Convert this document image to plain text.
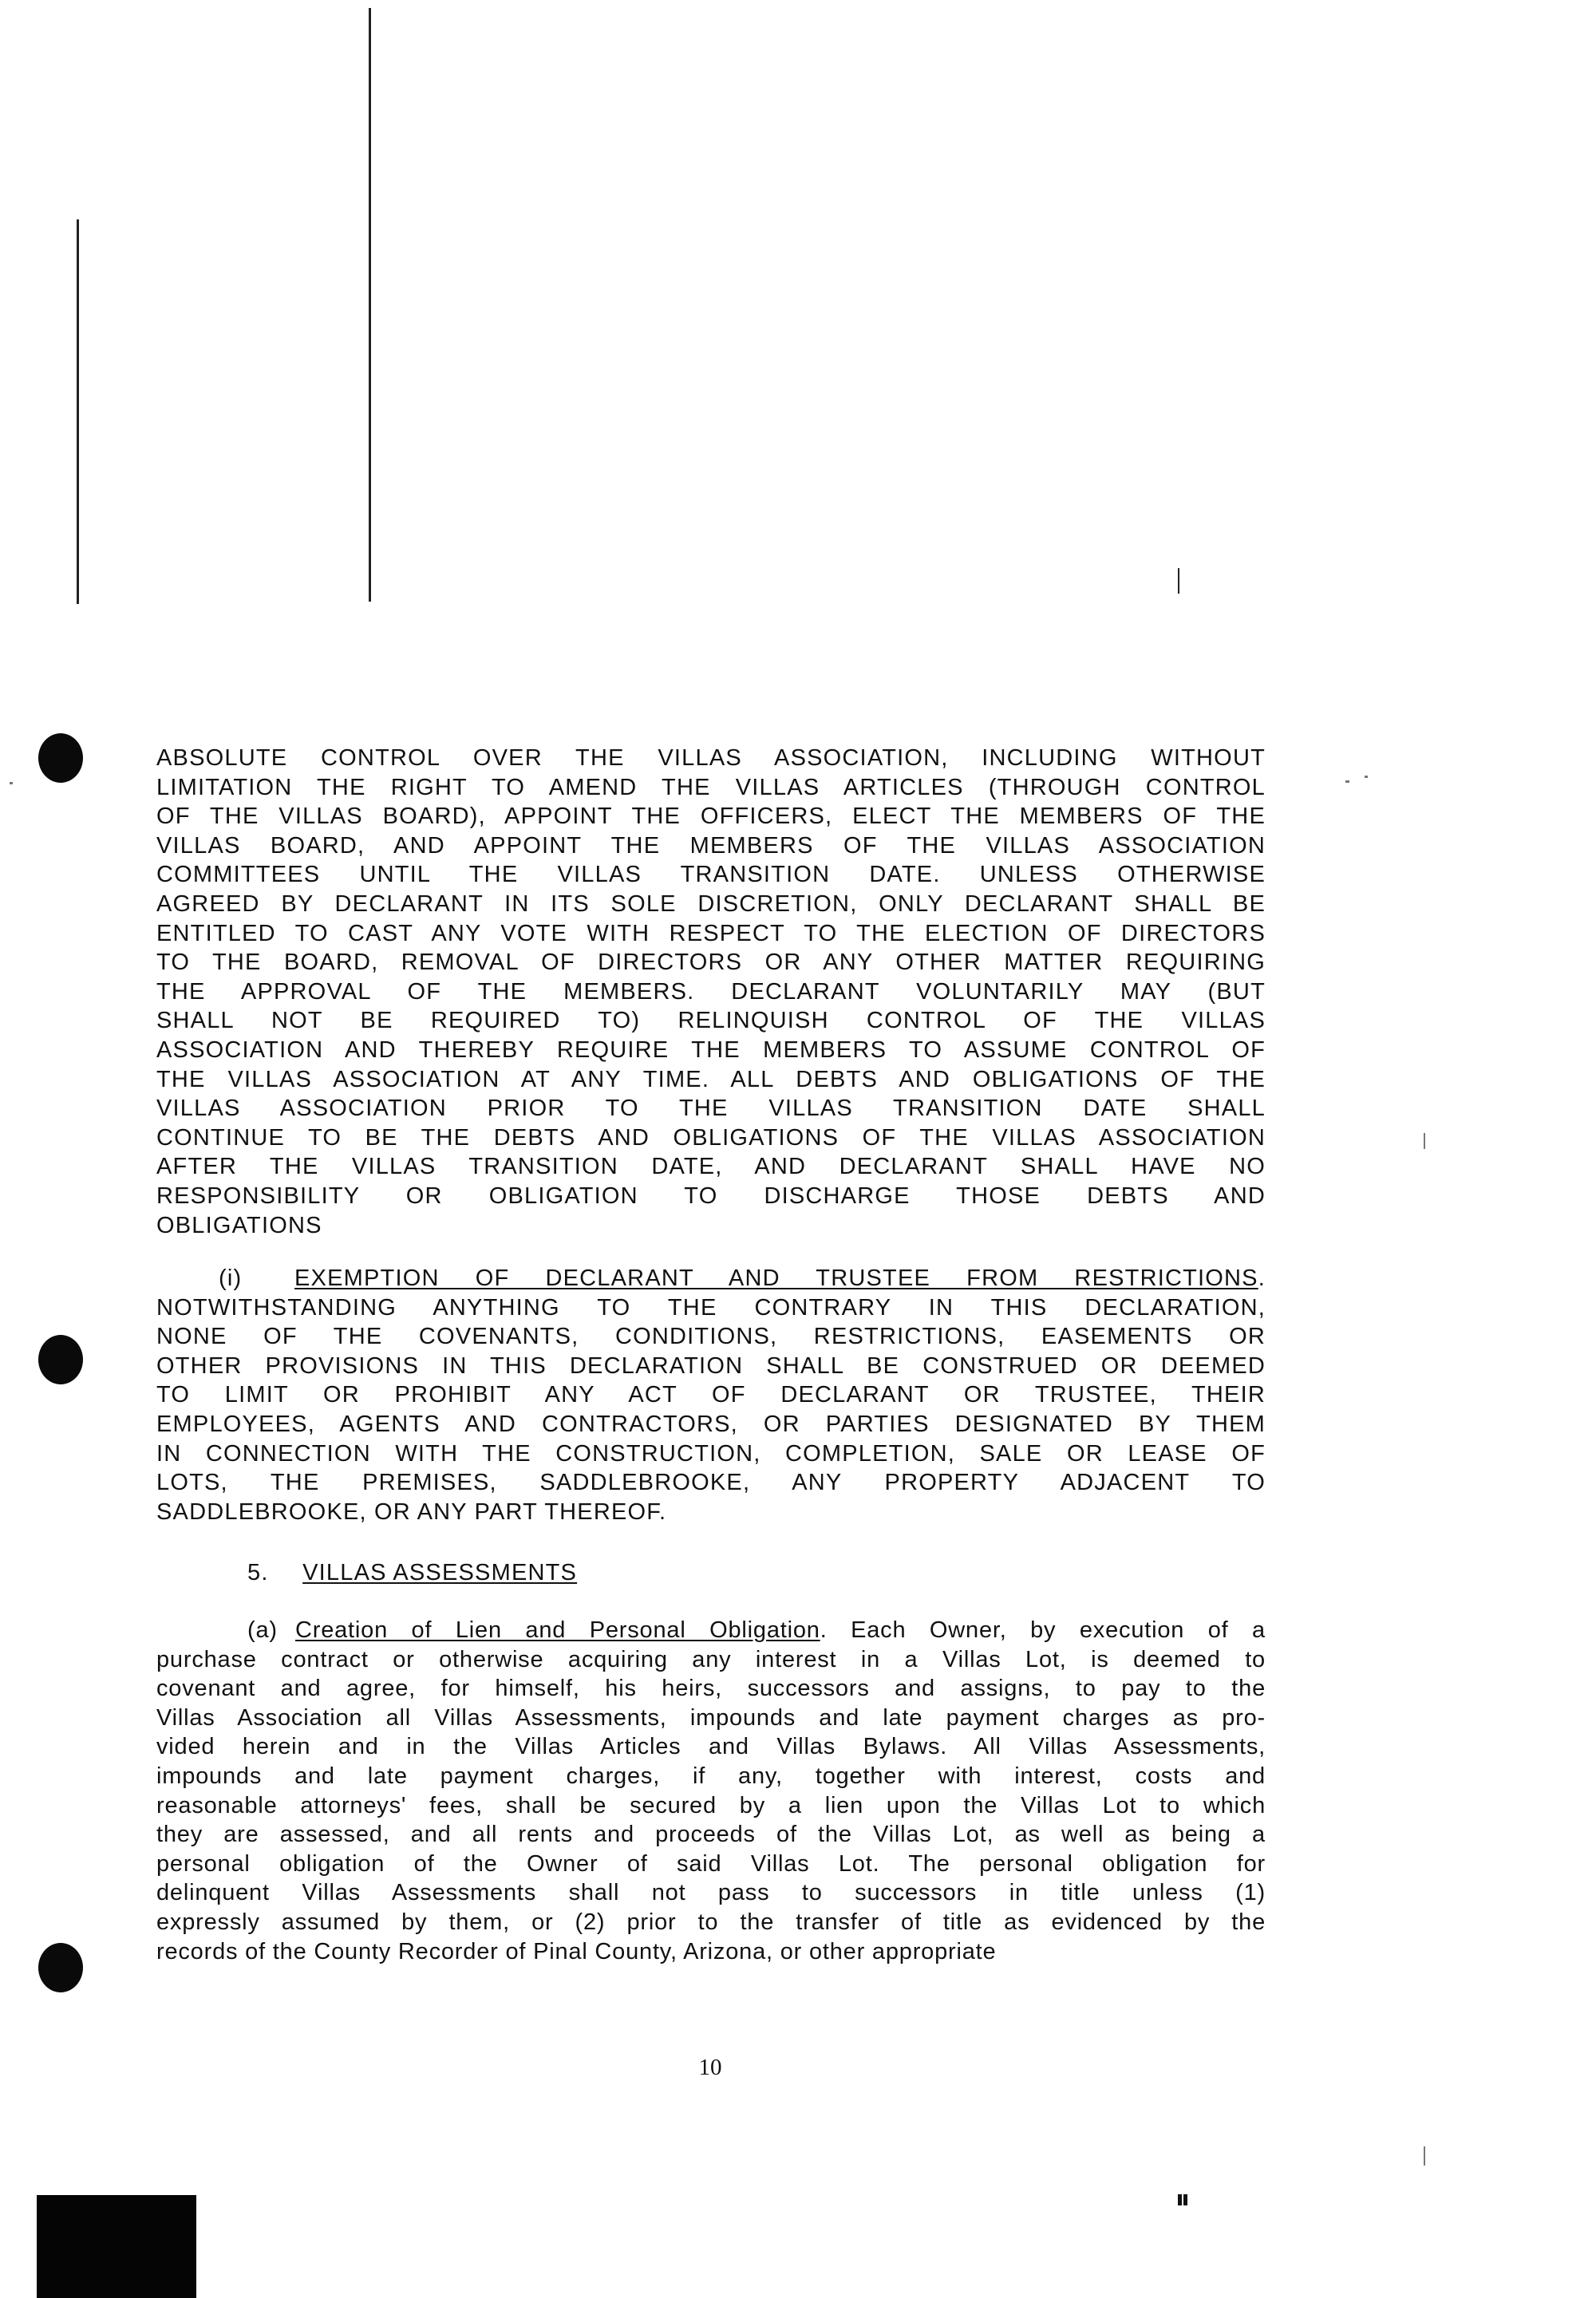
ABSOLUTE CONTROL OVER THE VILLAS ASSOCIATION, INCLUDING WITHOUT

LIMITATION THE RIGHT TO AMEND THE VILLAS ARTICLES (THROUGH CONTROL

OF THE VILLAS BOARD), APPOINT THE OFFICERS, ELECT THE MEMBERS OF THE

VILLAS BOARD, AND APPOINT THE MEMBERS OF THE VILLAS ASSOCIATION

COMMITTEES UNTIL THE VILLAS TRANSITION DATE. UNLESS OTHERWISE

AGREED BY DECLARANT IN ITS SOLE DISCRETION, ONLY DECLARANT SHALL BE

ENTITLED TO CAST ANY VOTE WITH RESPECT TO THE ELECTION OF DIRECTORS

TO THE BOARD, REMOVAL OF DIRECTORS OR ANY OTHER MATTER REQUIRING

THE APPROVAL OF THE MEMBERS. DECLARANT VOLUNTARILY MAY (BUT

SHALL NOT BE REQUIRED TO) RELINQUISH CONTROL OF THE VILLAS

ASSOCIATION AND THEREBY REQUIRE THE MEMBERS TO ASSUME CONTROL OF

THE VILLAS ASSOCIATION AT ANY TIME. ALL DEBTS AND OBLIGATIONS OF THE

VILLAS ASSOCIATION PRIOR TO THE VILLAS TRANSITION DATE SHALL

CONTINUE TO BE THE DEBTS AND OBLIGATIONS OF THE VILLAS ASSOCIATION

AFTER THE VILLAS TRANSITION DATE, AND DECLARANT SHALL HAVE NO

RESPONSIBILITY OR OBLIGATION TO DISCHARGE THOSE DEBTS AND

OBLIGATIONS

(i) EXEMPTION OF DECLARANT AND TRUSTEE FROM RESTRICTIONS.

NOTWITHSTANDING ANYTHING TO THE CONTRARY IN THIS DECLARATION,

NONE OF THE COVENANTS, CONDITIONS, RESTRICTIONS, EASEMENTS OR

OTHER PROVISIONS IN THIS DECLARATION SHALL BE CONSTRUED OR DEEMED

TO LIMIT OR PROHIBIT ANY ACT OF DECLARANT OR TRUSTEE, THEIR

EMPLOYEES, AGENTS AND CONTRACTORS, OR PARTIES DESIGNATED BY THEM

IN CONNECTION WITH THE CONSTRUCTION, COMPLETION, SALE OR LEASE OF

LOTS, THE PREMISES, SADDLEBROOKE, ANY PROPERTY ADJACENT TO

SADDLEBROOKE, OR ANY PART THEREOF.

5. VILLAS ASSESSMENTS

(a) Creation of Lien and Personal Obligation. Each Owner, by execution of a

purchase contract or otherwise acquiring any interest in a Villas Lot, is deemed to

covenant and agree, for himself, his heirs, successors and assigns, to pay to the

Villas Association all Villas Assessments, impounds and late payment charges as pro-

vided herein and in the Villas Articles and Villas Bylaws. All Villas Assessments,

impounds and late payment charges, if any, together with interest, costs and

reasonable attorneys' fees, shall be secured by a lien upon the Villas Lot to which

they are assessed, and all rents and proceeds of the Villas Lot, as well as being a

personal obligation of the Owner of said Villas Lot. The personal obligation for

delinquent Villas Assessments shall not pass to successors in title unless (1)

expressly assumed by them, or (2) prior to the transfer of title as evidenced by the

records of the County Recorder of Pinal County, Arizona, or other appropriate

10
